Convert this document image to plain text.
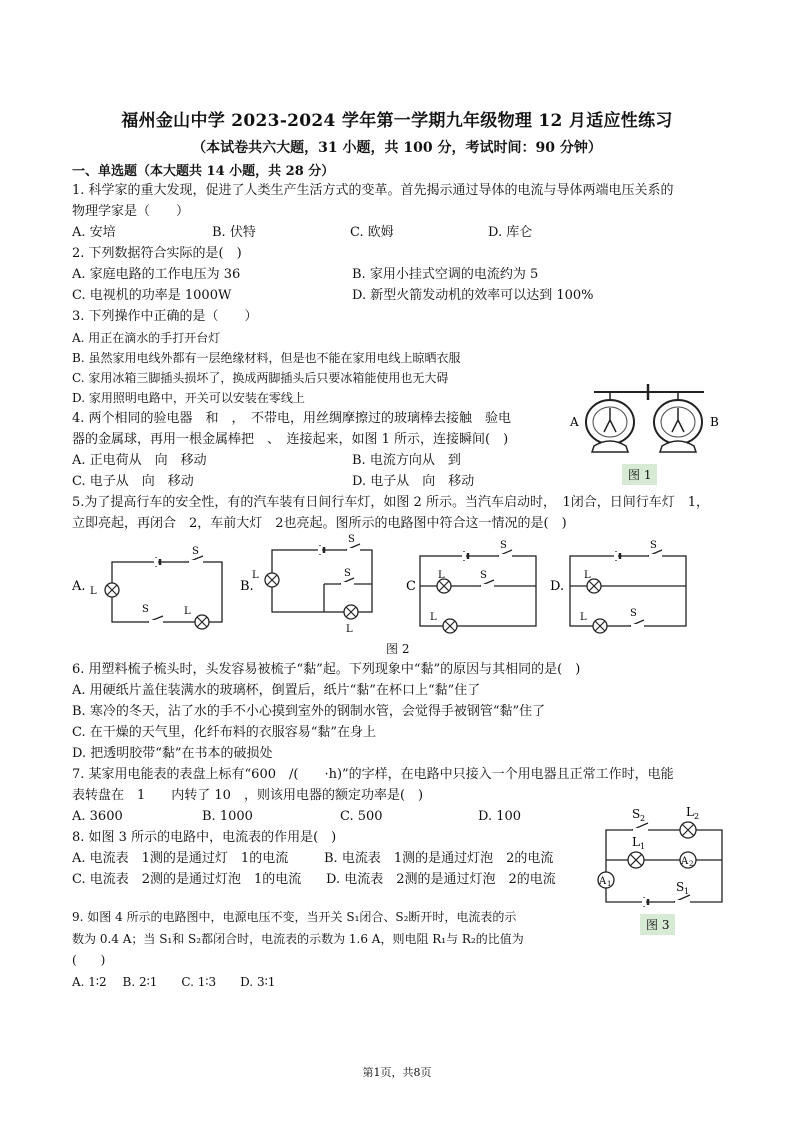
福州金山中学 2023-2024 学年第一学期九年级物理 12 月适应性练习
（本试卷共六大题，31 小题，共 100 分，考试时间：90 分钟）
一、单选题（本大题共 14 小题，共 28 分）
1. 科学家的重大发现，促进了人类生产生活方式的变革。首先揭示通过导体的电流与导体两端电压关系的
物理学家是（　　）
A. 安培	B. 伏特	C. 欧姆	D. 库仑
2. 下列数据符合实际的是(　)
A. 家庭电路的工作电压为 36	B. 家用小挂式空调的电流约为 5
C. 电视机的功率是 1000W	D. 新型火箭发动机的效率可以达到 100%
3. 下列操作中正确的是（　　）
A. 用正在滴水的手打开台灯
B. 虽然家用电线外都有一层绝缘材料，但是也不能在家用电线上晾晒衣服
C. 家用冰箱三脚插头损坏了，换成两脚插头后只要冰箱能使用也无大碍
D. 家用照明电路中，开关可以安装在零线上
4. 两个相同的验电器　和　，　不带电，用丝绸摩擦过的玻璃棒去接触　验电
器的金属球，再用一根金属棒把　、　连接起来，如图 1 所示，连接瞬间(　)
A. 正电荷从　向　移动	B. 电流方向从　到
C. 电子从　向　移动	D. 电子从　向　移动
A	B
图 1
5.为了提高行车的安全性，有的汽车装有日间行车灯，如图 2 所示。当汽车启动时，　1闭合，日间行车灯　1，
立即亮起，再闭合　2，车前大灯　2也亮起。图所示的电路图中符合这一情况的是(　)
A.
S
L
S	L
B.
S
L	S
L
C
S
L	S
L
D.
S
L
L	S
图 2
6. 用塑料梳子梳头时，头发容易被梳子“黏”起。下列现象中“黏”的原因与其相同的是(　)
A. 用硬纸片盖住装满水的玻璃杯，倒置后，纸片“黏”在杯口上“黏”住了
B. 寒冷的冬天，沾了水的手不小心摸到室外的钢制水管，会觉得手被钢管“黏”住了
C. 在干燥的天气里，化纤布料的衣服容易“黏”在身上
D. 把透明胶带“黏”在书本的破损处
7. 某家用电能表的表盘上标有“600　/(　　·h)”的字样，在电路中只接入一个用电器且正常工作时，电能
表转盘在　1　　内转了 10　，则该用电器的额定功率是(　)
A. 3600	B. 1000	C. 500	D. 100
8. 如图 3 所示的电路中，电流表的作用是(　)
A. 电流表　1测的是通过灯　1的电流	B. 电流表　1测的是通过灯泡　2的电流
C. 电流表　2测的是通过灯泡　1的电流 D. 电流表　2测的是通过灯泡　2的电流
S 2	L 2
L 1
A 2
A 1	S 1
图 3
9. 如图 4 所示的电路图中，电源电压不变，当开关 S₁闭合、S₂断开时，电流表的示
数为 0.4 A；当 S₁和 S₂都闭合时，电流表的示数为 1.6 A，则电阻 R₁与 R₂的比值为
(　　)
A. 1∶2　 B. 2∶1　　C. 1∶3　　D. 3∶1
第1页，共8页
